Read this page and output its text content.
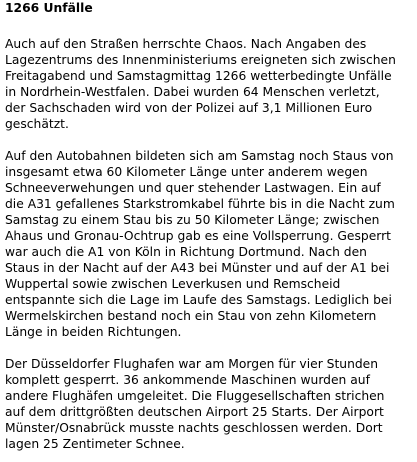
1266 Unfälle
Auch auf den Straßen herrschte Chaos. Nach Angaben des
Lagezentrums des Innenministeriums ereigneten sich zwischen
Freitagabend und Samstagmittag 1266 wetterbedingte Unfälle
in Nordrhein-Westfalen. Dabei wurden 64 Menschen verletzt,
der Sachschaden wird von der Polizei auf 3,1 Millionen Euro
geschätzt.
Auf den Autobahnen bildeten sich am Samstag noch Staus von
insgesamt etwa 60 Kilometer Länge unter anderem wegen
Schneeverwehungen und quer stehender Lastwagen. Ein auf
die A31 gefallenes Starkstromkabel führte bis in die Nacht zum
Samstag zu einem Stau bis zu 50 Kilometer Länge; zwischen
Ahaus und Gronau-Ochtrup gab es eine Vollsperrung. Gesperrt
war auch die A1 von Köln in Richtung Dortmund. Nach den
Staus in der Nacht auf der A43 bei Münster und auf der A1 bei
Wuppertal sowie zwischen Leverkusen und Remscheid
entspannte sich die Lage im Laufe des Samstags. Lediglich bei
Wermelskirchen bestand noch ein Stau von zehn Kilometern
Länge in beiden Richtungen.
Der Düsseldorfer Flughafen war am Morgen für vier Stunden
komplett gesperrt. 36 ankommende Maschinen wurden auf
andere Flughäfen umgeleitet. Die Fluggesellschaften strichen
auf dem drittgrößten deutschen Airport 25 Starts. Der Airport
Münster/Osnabrück musste nachts geschlossen werden. Dort
lagen 25 Zentimeter Schnee.
